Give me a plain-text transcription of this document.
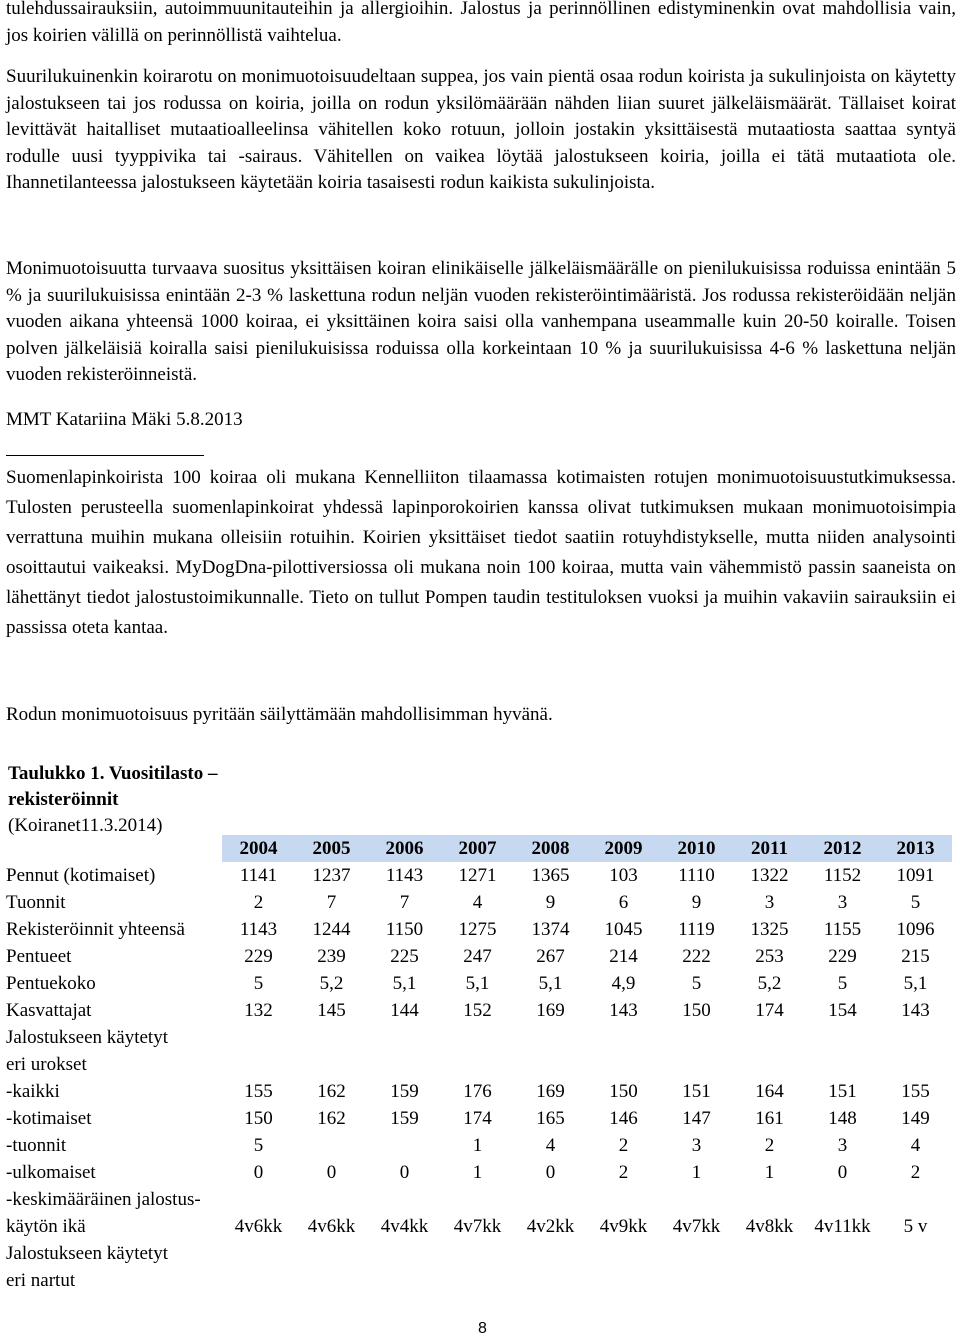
tulehdussairauksiin, autoimmuunitauteihin ja allergioihin. Jalostus ja perinnöllinen edistyminenkin ovat mahdollisia vain, jos koirien välillä on perinnöllistä vaihtelua.

Suurilukuinenkin koirarotu on monimuotoisuudeltaan suppea, jos vain pientä osaa rodun koirista ja sukulinjoista on käytetty jalostukseen tai jos rodussa on koiria, joilla on rodun yksilömäärään nähden liian suuret jälkeläismäärät. Tällaiset koirat levittävät haitalliset mutaatioalleelinsa vähitellen koko rotuun, jolloin jostakin yksittäisestä mutaatiosta saattaa syntyä rodulle uusi tyyppivika tai -sairaus. Vähitellen on vaikea löytää jalostukseen koiria, joilla ei tätä mutaatiota ole. Ihannetilanteessa jalostukseen käytetään koiria tasaisesti rodun kaikista sukulinjoista.

Monimuotoisuutta turvaava suositus yksittäisen koiran elinikäiselle jälkeläismäärälle on pienilukuisissa roduissa enintään 5 % ja suurilukuisissa enintään 2-3 % laskettuna rodun neljän vuoden rekisteröintimääristä. Jos rodussa rekisteröidään neljän vuoden aikana yhteensä 1000 koiraa, ei yksittäinen koira saisi olla vanhempana useammalle kuin 20-50 koiralle. Toisen polven jälkeläisiä koiralla saisi pienilukuisissa roduissa olla korkeintaan 10 % ja suurilukuisissa 4-6 % laskettuna neljän vuoden rekisteröinneistä.

MMT Katariina Mäki 5.8.2013

Suomenlapinkoirista 100 koiraa oli mukana Kennelliiton tilaamassa kotimaisten rotujen monimuotoisuustutkimuksessa. Tulosten perusteella suomenlapinkoirat yhdessä lapinporokoirien kanssa olivat tutkimuksen mukaan monimuotoisimpia verrattuna muihin mukana olleisiin rotuihin. Koirien yksittäiset tiedot saatiin rotuyhdistykselle, mutta niiden analysointi osoittautui vaikeaksi. MyDogDna-pilottiversiossa oli mukana noin 100 koiraa, mutta vain vähemmistö passin saaneista on lähettänyt tiedot jalostustoimikunnalle. Tieto on tullut Pompen taudin testituloksen vuoksi ja muihin vakaviin sairauksiin ei passissa oteta kantaa.

Rodun monimuotoisuus pyritään säilyttämään mahdollisimman hyvänä.

Taulukko 1. Vuositilasto – rekisteröinnit
(Koiranet11.3.2014)
	2004	2005	2006	2007	2008	2009	2010	2011	2012	2013
Pennut (kotimaiset)	1141	1237	1143	1271	1365	103	1110	1322	1152	1091
Tuonnit	2	7	7	4	9	6	9	3	3	5
Rekisteröinnit yhteensä	1143	1244	1150	1275	1374	1045	1119	1325	1155	1096
Pentueet	229	239	225	247	267	214	222	253	229	215
Pentuekoko	5	5,2	5,1	5,1	5,1	4,9	5	5,2	5	5,1
Kasvattajat	132	145	144	152	169	143	150	174	154	143
Jalostukseen käytetyt										
eri urokset										
-kaikki	155	162	159	176	169	150	151	164	151	155
-kotimaiset	150	162	159	174	165	146	147	161	148	149
-tuonnit	5			1	4	2	3	2	3	4
-ulkomaiset	0	0	0	1	0	2	1	1	0	2
-keskimääräinen jalostus-										
käytön ikä	4v6kk	4v6kk	4v4kk	4v7kk	4v2kk	4v9kk	4v7kk	4v8kk	4v11kk	5 v
Jalostukseen käytetyt										
eri nartut										
8
